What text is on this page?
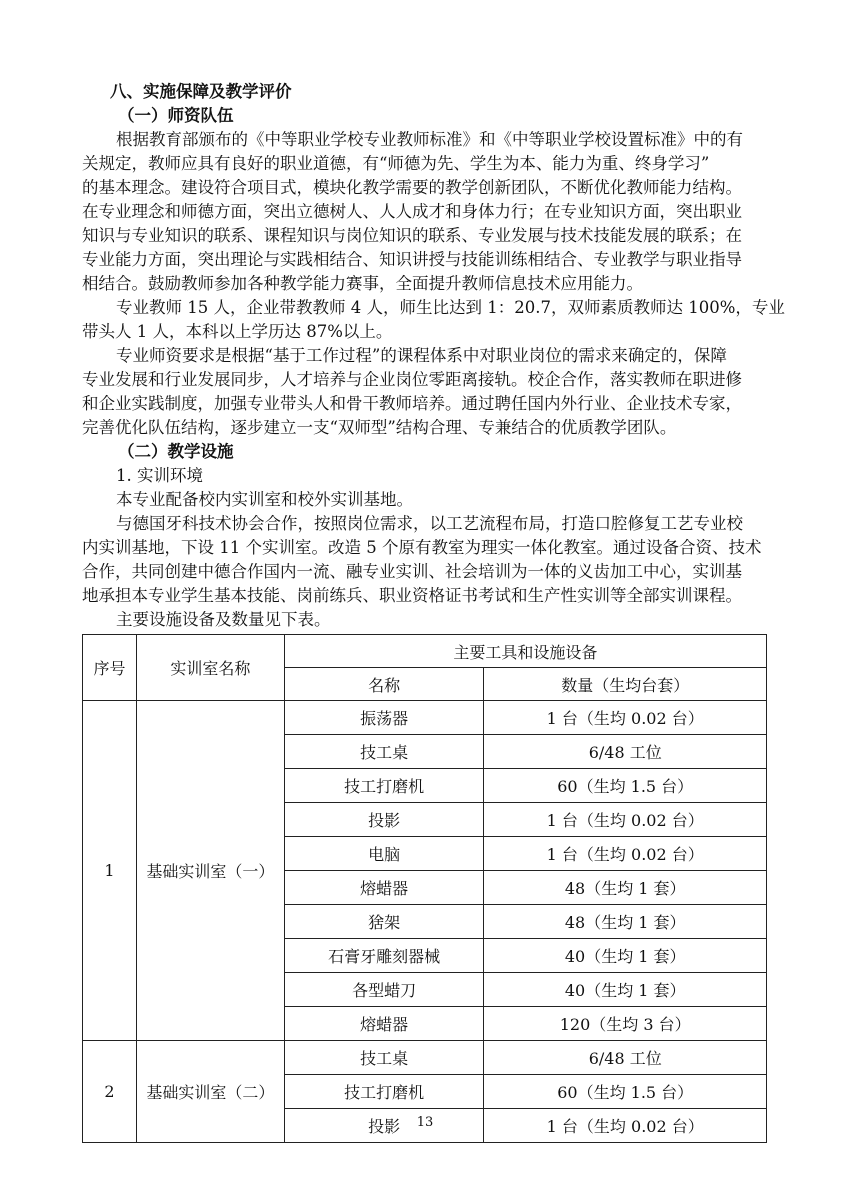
八、实施保障及教学评价
（一）师资队伍
根据教育部颁布的《中等职业学校专业教师标准》和《中等职业学校设置标准》中的有
关规定，教师应具有良好的职业道德，有“师德为先、学生为本、能力为重、终身学习”
的基本理念。建设符合项目式，模块化教学需要的教学创新团队，不断优化教师能力结构。
在专业理念和师德方面，突出立德树人、人人成才和身体力行；在专业知识方面，突出职业
知识与专业知识的联系、课程知识与岗位知识的联系、专业发展与技术技能发展的联系；在
专业能力方面，突出理论与实践相结合、知识讲授与技能训练相结合、专业教学与职业指导
相结合。鼓励教师参加各种教学能力赛事，全面提升教师信息技术应用能力。
专业教师 15 人，企业带教教师 4 人，师生比达到 1：20.7，双师素质教师达 100%，专业
带头人 1 人，本科以上学历达 87%以上。
专业师资要求是根据“基于工作过程”的课程体系中对职业岗位的需求来确定的，保障
专业发展和行业发展同步，人才培养与企业岗位零距离接轨。校企合作，落实教师在职进修
和企业实践制度，加强专业带头人和骨干教师培养。通过聘任国内外行业、企业技术专家，
完善优化队伍结构，逐步建立一支“双师型”结构合理、专兼结合的优质教学团队。
（二）教学设施
1. 实训环境
本专业配备校内实训室和校外实训基地。
与德国牙科技术协会合作，按照岗位需求，以工艺流程布局，打造口腔修复工艺专业校
内实训基地，下设 11 个实训室。改造 5 个原有教室为理实一体化教室。通过设备合资、技术
合作，共同创建中德合作国内一流、融专业实训、社会培训为一体的义齿加工中心，实训基
地承担本专业学生基本技能、岗前练兵、职业资格证书考试和生产性实训等全部实训课程。
主要设施设备及数量见下表。
序号	实训室名称	主要工具和设施设备	
		名称	数量（生均台套）
1	基础实训室（一）	振荡器	1 台（生均 0.02 台）
		技工桌	6/48 工位
		技工打磨机	60（生均 1.5 台）
		投影	1 台（生均 0.02 台）
		电脑	1 台（生均 0.02 台）
		熔蜡器	48（生均 1 套）
		猞架	48（生均 1 套）
		石膏牙雕刻器械	40（生均 1 套）
		各型蜡刀	40（生均 1 套）
		熔蜡器	120（生均 3 台）
2	基础实训室（二）	技工桌	6/48 工位
		技工打磨机	60（生均 1.5 台）
		投影	1 台（生均 0.02 台）
13
